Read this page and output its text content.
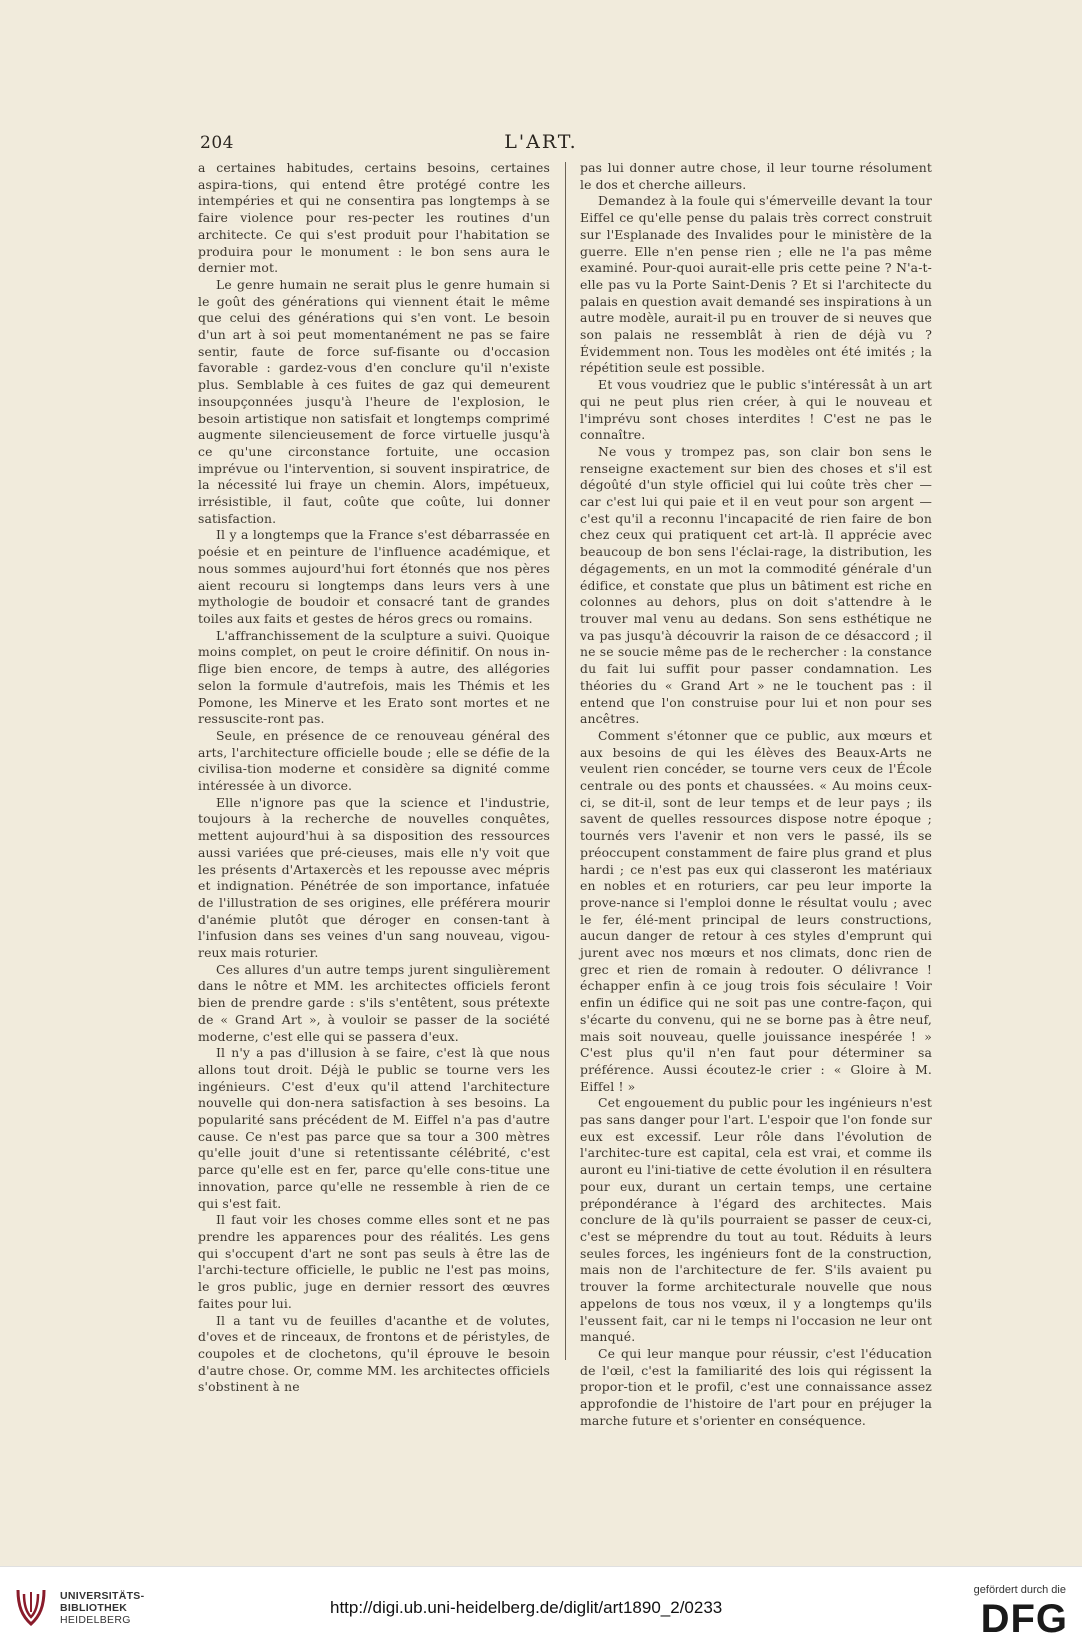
204	L'ART.

a certaines habitudes, certains besoins, certaines aspira-tions, qui entend être protégé contre les intempéries et qui ne consentira pas longtemps à se faire violence pour res-pecter les routines d'un architecte. Ce qui s'est produit pour l'habitation se produira pour le monument : le bon sens aura le dernier mot.

Le genre humain ne serait plus le genre humain si le goût des générations qui viennent était le même que celui des générations qui s'en vont. Le besoin d'un art à soi peut momentanément ne pas se faire sentir, faute de force suf-fisante ou d'occasion favorable : gardez-vous d'en conclure qu'il n'existe plus. Semblable à ces fuites de gaz qui demeurent insoupçonnées jusqu'à l'heure de l'explosion, le besoin artistique non satisfait et longtemps comprimé augmente silencieusement de force virtuelle jusqu'à ce qu'une circonstance fortuite, une occasion imprévue ou l'intervention, si souvent inspiratrice, de la nécessité lui fraye un chemin. Alors, impétueux, irrésistible, il faut, coûte que coûte, lui donner satisfaction.

Il y a longtemps que la France s'est débarrassée en poésie et en peinture de l'influence académique, et nous sommes aujourd'hui fort étonnés que nos pères aient recouru si longtemps dans leurs vers à une mythologie de boudoir et consacré tant de grandes toiles aux faits et gestes de héros grecs ou romains.

L'affranchissement de la sculpture a suivi. Quoique moins complet, on peut le croire définitif. On nous in-flige bien encore, de temps à autre, des allégories selon la formule d'autrefois, mais les Thémis et les Pomone, les Minerve et les Erato sont mortes et ne ressuscite-ront pas.

Seule, en présence de ce renouveau général des arts, l'architecture officielle boude ; elle se défie de la civilisa-tion moderne et considère sa dignité comme intéressée à un divorce.

Elle n'ignore pas que la science et l'industrie, toujours à la recherche de nouvelles conquêtes, mettent aujourd'hui à sa disposition des ressources aussi variées que pré-cieuses, mais elle n'y voit que les présents d'Artaxercès et les repousse avec mépris et indignation. Pénétrée de son importance, infatuée de l'illustration de ses origines, elle préférera mourir d'anémie plutôt que déroger en consen-tant à l'infusion dans ses veines d'un sang nouveau, vigou-reux mais roturier.

Ces allures d'un autre temps jurent singulièrement dans le nôtre et MM. les architectes officiels feront bien de prendre garde : s'ils s'entêtent, sous prétexte de « Grand Art », à vouloir se passer de la société moderne, c'est elle qui se passera d'eux.

Il n'y a pas d'illusion à se faire, c'est là que nous allons tout droit. Déjà le public se tourne vers les ingénieurs. C'est d'eux qu'il attend l'architecture nouvelle qui don-nera satisfaction à ses besoins. La popularité sans précédent de M. Eiffel n'a pas d'autre cause. Ce n'est pas parce que sa tour a 300 mètres qu'elle jouit d'une si retentissante célébrité, c'est parce qu'elle est en fer, parce qu'elle cons-titue une innovation, parce qu'elle ne ressemble à rien de ce qui s'est fait.

Il faut voir les choses comme elles sont et ne pas prendre les apparences pour des réalités. Les gens qui s'occupent d'art ne sont pas seuls à être las de l'archi-tecture officielle, le public ne l'est pas moins, le gros public, juge en dernier ressort des œuvres faites pour lui.

Il a tant vu de feuilles d'acanthe et de volutes, d'oves et de rinceaux, de frontons et de péristyles, de coupoles et de clochetons, qu'il éprouve le besoin d'autre chose. Or, comme MM. les architectes officiels s'obstinent à ne

pas lui donner autre chose, il leur tourne résolument le dos et cherche ailleurs.

Demandez à la foule qui s'émerveille devant la tour Eiffel ce qu'elle pense du palais très correct construit sur l'Esplanade des Invalides pour le ministère de la guerre. Elle n'en pense rien ; elle ne l'a pas même examiné. Pour-quoi aurait-elle pris cette peine ? N'a-t-elle pas vu la Porte Saint-Denis ? Et si l'architecte du palais en question avait demandé ses inspirations à un autre modèle, aurait-il pu en trouver de si neuves que son palais ne ressemblât à rien de déjà vu ? Évidemment non. Tous les modèles ont été imités ; la répétition seule est possible.

Et vous voudriez que le public s'intéressât à un art qui ne peut plus rien créer, à qui le nouveau et l'imprévu sont choses interdites ! C'est ne pas le connaître.

Ne vous y trompez pas, son clair bon sens le renseigne exactement sur bien des choses et s'il est dégoûté d'un style officiel qui lui coûte très cher — car c'est lui qui paie et il en veut pour son argent — c'est qu'il a reconnu l'incapacité de rien faire de bon chez ceux qui pratiquent cet art-là. Il apprécie avec beaucoup de bon sens l'éclai-rage, la distribution, les dégagements, en un mot la commodité générale d'un édifice, et constate que plus un bâtiment est riche en colonnes au dehors, plus on doit s'attendre à le trouver mal venu au dedans. Son sens esthétique ne va pas jusqu'à découvrir la raison de ce désaccord ; il ne se soucie même pas de le rechercher : la constance du fait lui suffit pour passer condamnation. Les théories du « Grand Art » ne le touchent pas : il entend que l'on construise pour lui et non pour ses ancêtres.

Comment s'étonner que ce public, aux mœurs et aux besoins de qui les élèves des Beaux-Arts ne veulent rien concéder, se tourne vers ceux de l'École centrale ou des ponts et chaussées. « Au moins ceux-ci, se dit-il, sont de leur temps et de leur pays ; ils savent de quelles ressources dispose notre époque ; tournés vers l'avenir et non vers le passé, ils se préoccupent constamment de faire plus grand et plus hardi ; ce n'est pas eux qui classeront les matériaux en nobles et en roturiers, car peu leur importe la prove-nance si l'emploi donne le résultat voulu ; avec le fer, élé-ment principal de leurs constructions, aucun danger de retour à ces styles d'emprunt qui jurent avec nos mœurs et nos climats, donc rien de grec et rien de romain à redouter. O délivrance ! échapper enfin à ce joug trois fois séculaire ! Voir enfin un édifice qui ne soit pas une contre-façon, qui s'écarte du convenu, qui ne se borne pas à être neuf, mais soit nouveau, quelle jouissance inespérée ! » C'est plus qu'il n'en faut pour déterminer sa préférence. Aussi écoutez-le crier : « Gloire à M. Eiffel ! »

Cet engouement du public pour les ingénieurs n'est pas sans danger pour l'art. L'espoir que l'on fonde sur eux est excessif. Leur rôle dans l'évolution de l'architec-ture est capital, cela est vrai, et comme ils auront eu l'ini-tiative de cette évolution il en résultera pour eux, durant un certain temps, une certaine prépondérance à l'égard des architectes. Mais conclure de là qu'ils pourraient se passer de ceux-ci, c'est se méprendre du tout au tout. Réduits à leurs seules forces, les ingénieurs font de la construction, mais non de l'architecture de fer. S'ils avaient pu trouver la forme architecturale nouvelle que nous appelons de tous nos vœux, il y a longtemps qu'ils l'eussent fait, car ni le temps ni l'occasion ne leur ont manqué.

Ce qui leur manque pour réussir, c'est l'éducation de l'œil, c'est la familiarité des lois qui régissent la propor-tion et le profil, c'est une connaissance assez approfondie de l'histoire de l'art pour en préjuger la marche future et s'orienter en conséquence.

UNIVERSITÄTS-
BIBLIOTHEK
HEIDELBERG
http://digi.ub.uni-heidelberg.de/diglit/art1890_2/0233
gefördert durch die
DFG
